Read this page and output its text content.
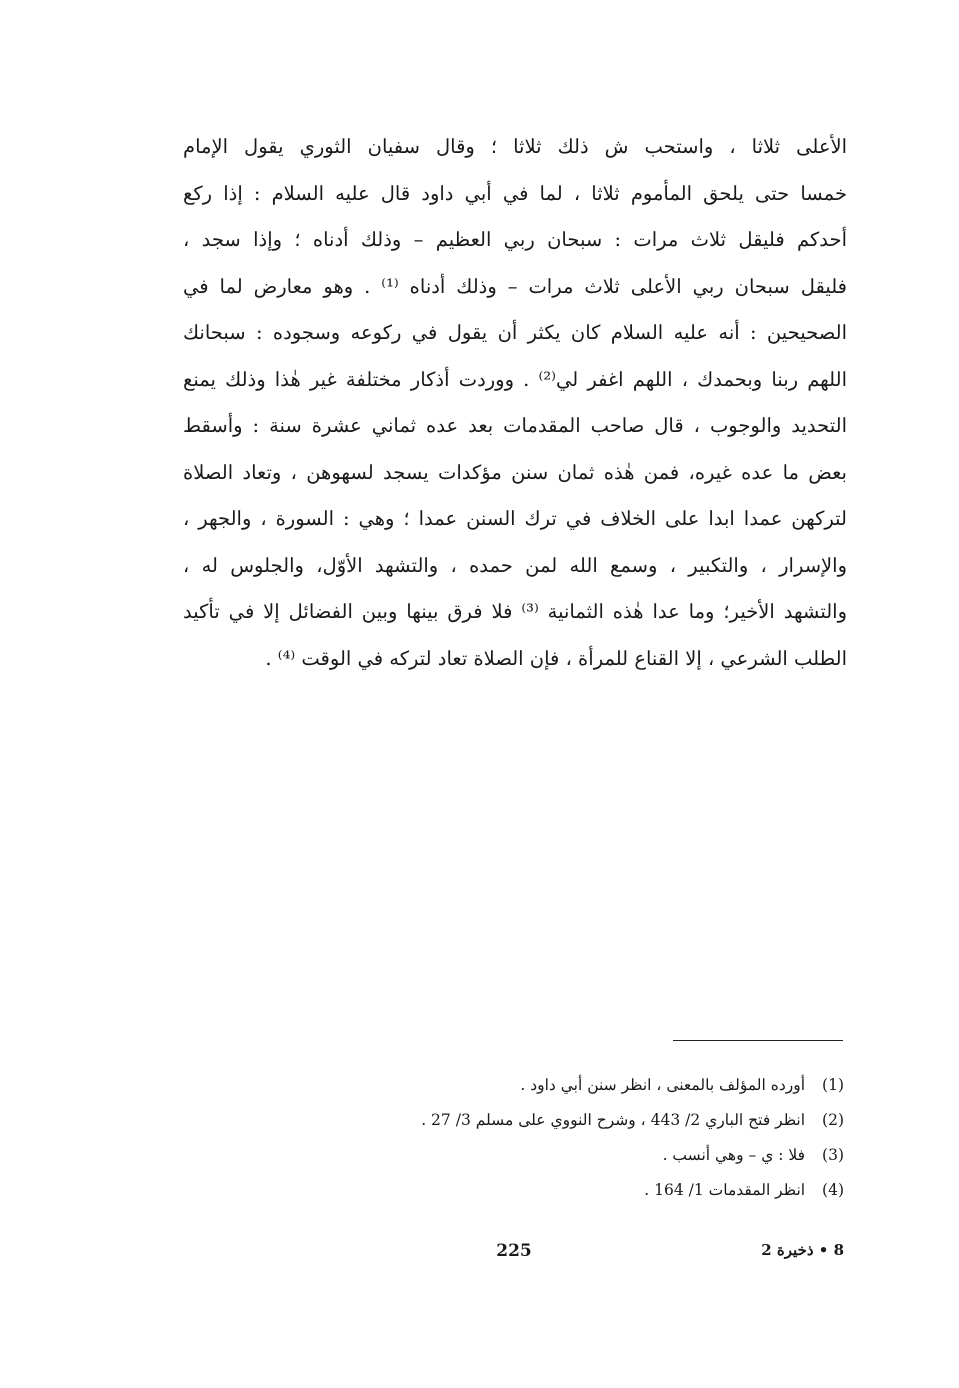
الأعلى ثلاثا ، واستحب ش ذلك ثلاثا ؛ وقال سفيان الثوري يقول الإمام
خمسا حتى يلحق المأموم ثلاثا ، لما في أبي داود قال عليه السلام : إذا ركع
أحدكم فليقل ثلاث مرات : سبحان ربي العظيم – وذلك أدناه ؛ وإذا سجد ،
فليقل سبحان ربي الأعلى ثلاث مرات – وذلك أدناه ⁽¹⁾ . وهو معارض لما في
الصحيحين : أنه عليه السلام كان يكثر أن يقول في ركوعه وسجوده : سبحانك
اللهم ربنا وبحمدك ، اللهم اغفر لي⁽²⁾ . ووردت أذكار مختلفة غير هٰذا وذلك يمنع
التحديد والوجوب ، قال صاحب المقدمات بعد عده ثماني عشرة سنة : وأسقط
بعض ما عده غيره، فمن هٰذه ثمان سنن مؤكدات يسجد لسهوهن ، وتعاد الصلاة
لتركهن عمدا ابدا على الخلاف في ترك السنن عمدا ؛ وهي : السورة ، والجهر ،
والإسرار ، والتكبير ، وسمع الله لمن حمده ، والتشهد الأوّل، والجلوس له ،
والتشهد الأخير؛ وما عدا هٰذه الثمانية ⁽³⁾ فلا فرق بينها وبين الفضائل إلا في تأكيد
الطلب الشرعي ، إلا القناع للمرأة ، فإن الصلاة تعاد لتركه في الوقت ⁽⁴⁾ .
(1) أورده المؤلف بالمعنى ، انظر سنن أبي داود .
(2) انظر فتح الباري 2/ 443 ، وشرح النووي على مسلم 3/ 27 .
(3) فلا : ي – وهي أنسب .
(4) انظر المقدمات 1/ 164 .
225	8 • ذخيرة 2
